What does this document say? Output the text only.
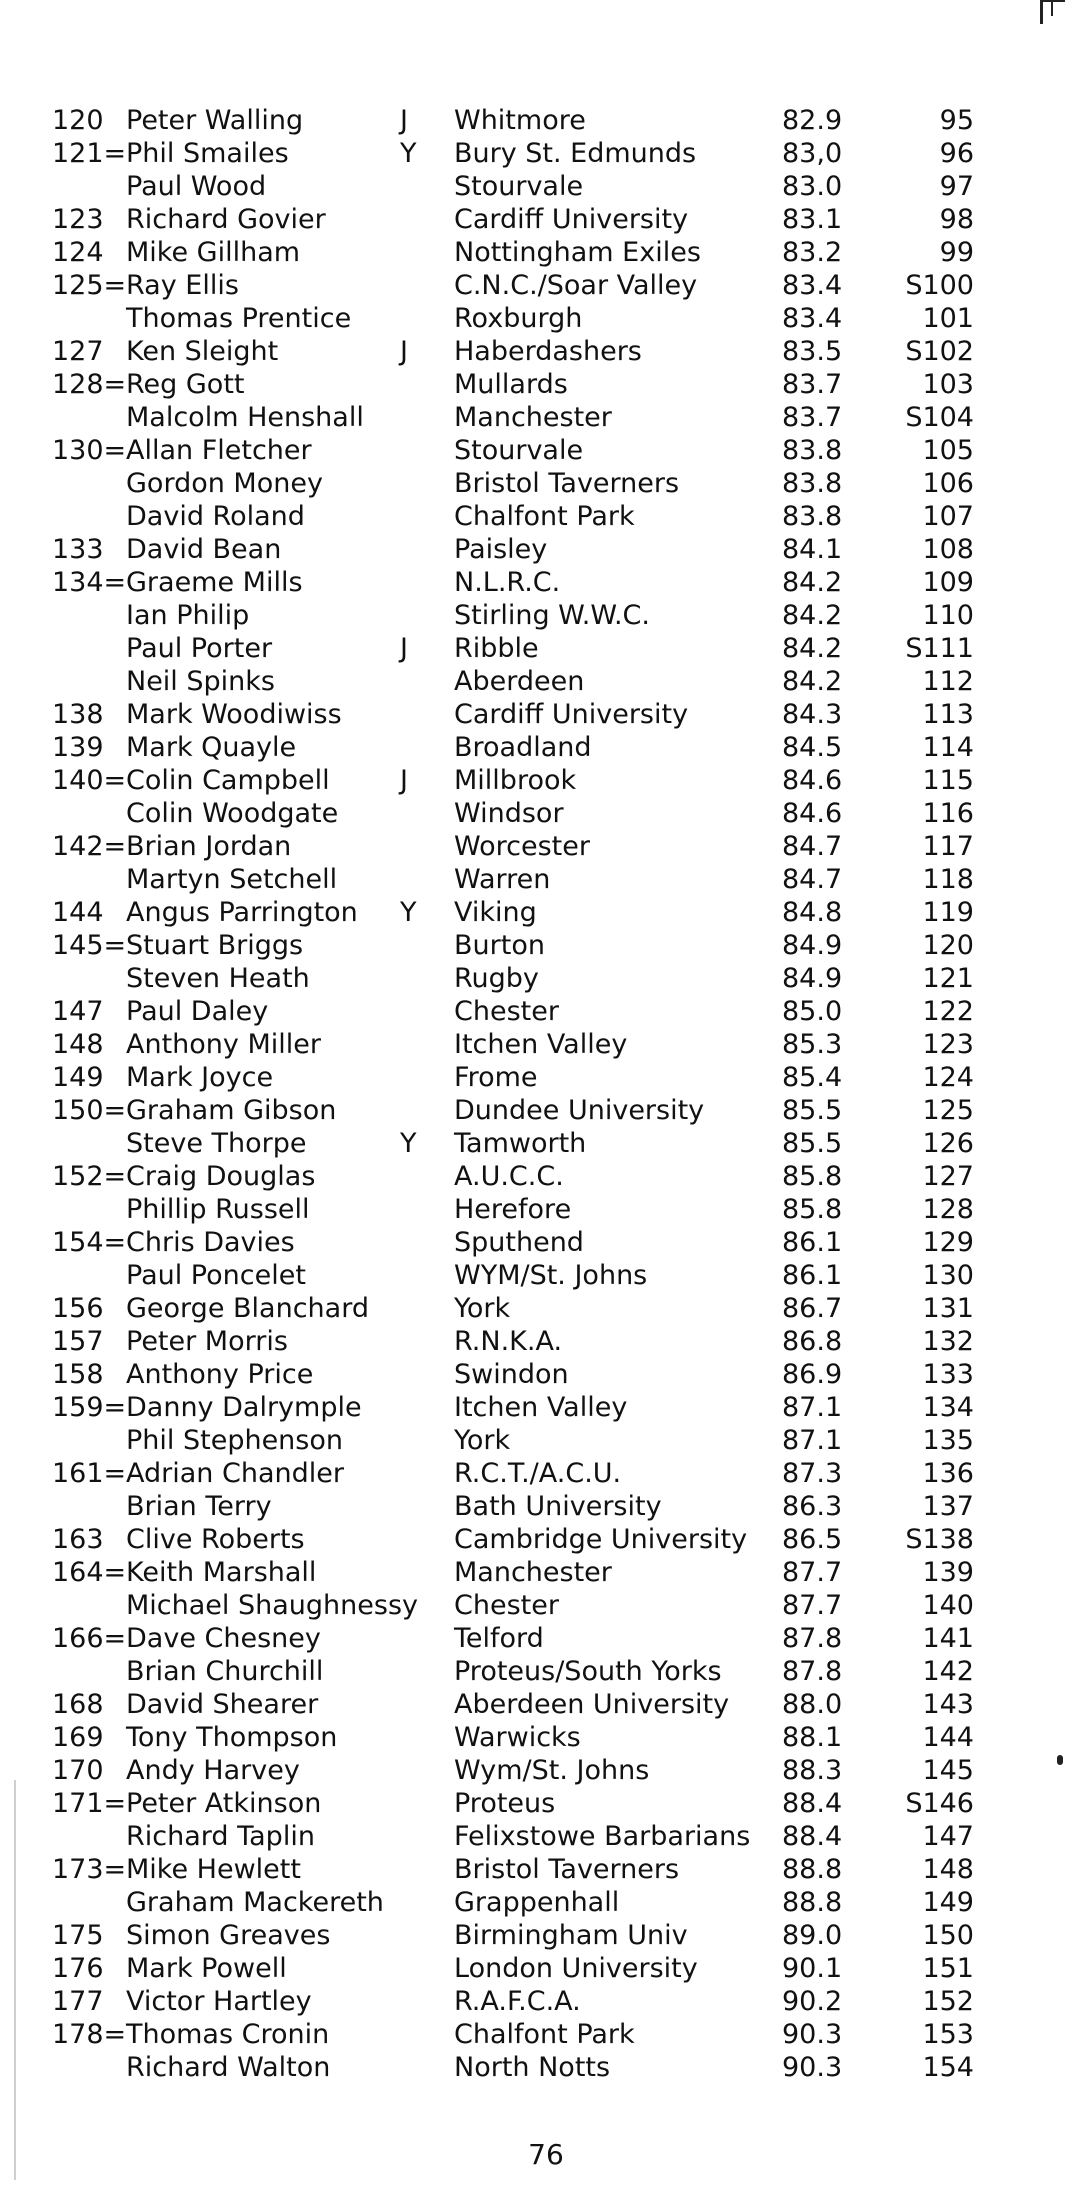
120 Peter Walling	J Whitmore	82.9	95
121= Phil Smailes	Y Bury St. Edmunds	83,0	96
Paul Wood	Stourvale	83.0	97
123 Richard Govier	Cardiff University	83.1	98
124 Mike Gillham	Nottingham Exiles	83.2	99
125= Ray Ellis	C.N.C./Soar Valley	83.4	S100
Thomas Prentice	Roxburgh	83.4	101
127 Ken Sleight	J Haberdashers	83.5	S102
128= Reg Gott	Mullards	83.7	103
Malcolm Henshall	Manchester	83.7	S104
130= Allan Fletcher	Stourvale	83.8	105
Gordon Money	Bristol Taverners	83.8	106
David Roland	Chalfont Park	83.8	107
133 David Bean	Paisley	84.1	108
134= Graeme Mills	N.L.R.C.	84.2	109
Ian Philip	Stirling W.W.C.	84.2	110
Paul Porter	J Ribble	84.2	S111
Neil Spinks	Aberdeen	84.2	112
138 Mark Woodiwiss	Cardiff University	84.3	113
139 Mark Quayle	Broadland	84.5	114
140= Colin Campbell	J Millbrook	84.6	115
Colin Woodgate	Windsor	84.6	116
142= Brian Jordan	Worcester	84.7	117
Martyn Setchell	Warren	84.7	118
144 Angus Parrington Y Viking	84.8	119
145= Stuart Briggs	Burton	84.9	120
Steven Heath	Rugby	84.9	121
147 Paul Daley	Chester	85.0	122
148 Anthony Miller	Itchen Valley	85.3	123
149 Mark Joyce	Frome	85.4	124
150= Graham Gibson	Dundee University	85.5	125
Steve Thorpe	Y Tamworth	85.5	126
152= Craig Douglas	A.U.C.C.	85.8	127
Phillip Russell	Herefore	85.8	128
154= Chris Davies	Sputhend	86.1	129
Paul Poncelet	WYM/St. Johns	86.1	130
156 George Blanchard	York	86.7	131
157 Peter Morris	R.N.K.A.	86.8	132
158 Anthony Price	Swindon	86.9	133
159= Danny Dalrymple	Itchen Valley	87.1	134
Phil Stephenson	York	87.1	135
161= Adrian Chandler	R.C.T./A.C.U.	87.3	136
Brian Terry	Bath University	86.3	137
163 Clive Roberts	Cambridge University 86.5	S138
164= Keith Marshall	Manchester	87.7	139
Michael Shaughnessy Chester	87.7	140
166= Dave Chesney	Telford	87.8	141
Brian Churchill	Proteus/South Yorks 87.8	142
168 David Shearer	Aberdeen University 88.0	143
169 Tony Thompson	Warwicks	88.1	144
170 Andy Harvey	Wym/St. Johns	88.3	145
171= Peter Atkinson	Proteus	88.4	S146
Richard Taplin	Felixstowe Barbarians 88.4	147
173= Mike Hewlett	Bristol Taverners	88.8	148
Graham Mackereth	Grappenhall	88.8	149
175 Simon Greaves	Birmingham Univ	89.0	150
176 Mark Powell	London University	90.1	151
177 Victor Hartley	R.A.F.C.A.	90.2	152
178= Thomas Cronin	Chalfont Park	90.3	153
Richard Walton	North Notts	90.3	154
76
